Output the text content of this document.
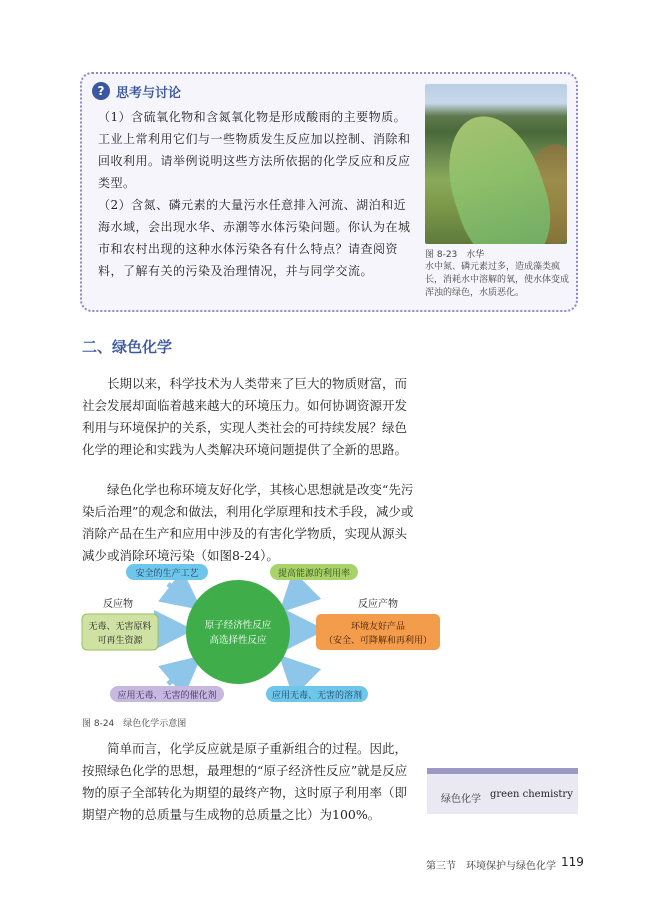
? 思考与讨论

（1）含硫氧化物和含氮氧化物是形成酸雨的主要物质。工业上常利用它们与一些物质发生反应加以控制、消除和回收利用。请举例说明这些方法所依据的化学反应和反应类型。

（2）含氮、磷元素的大量污水任意排入河流、湖泊和近海水域，会出现水华、赤潮等水体污染问题。你认为在城市和农村出现的这种水体污染各有什么特点？请查阅资料，了解有关的污染及治理情况，并与同学交流。

图 8-23　水华
水中氮、磷元素过多，造成藻类疯长，消耗水中溶解的氧，使水体变成浑浊的绿色，水质恶化。
二、绿色化学

长期以来，科学技术为人类带来了巨大的物质财富，而社会发展却面临着越来越大的环境压力。如何协调资源开发利用与环境保护的关系，实现人类社会的可持续发展？绿色化学的理论和实践为人类解决环境问题提供了全新的思路。

绿色化学也称环境友好化学，其核心思想就是改变“先污染后治理”的观念和做法，利用化学原理和技术手段，减少或消除产品在生产和应用中涉及的有害化学物质，实现从源头减少或消除环境污染（如图8-24）。

安全的生产工艺	提高能源的利用率
反应物	反应产物
无毒、无害原料
可再生资源
原子经济性反应
高选择性反应
环境友好产品
（安全、可降解和再利用）
应用无毒、无害的催化剂	应用无毒、无害的溶剂
图 8-24　绿色化学示意图

简单而言，化学反应就是原子重新组合的过程。因此，按照绿色化学的思想，最理想的“原子经济性反应”就是反应物的原子全部转化为期望的最终产物，这时原子利用率（即期望产物的总质量与生成物的总质量之比）为100%。

绿色化学 green chemistry
第三节　环境保护与绿色化学 119
